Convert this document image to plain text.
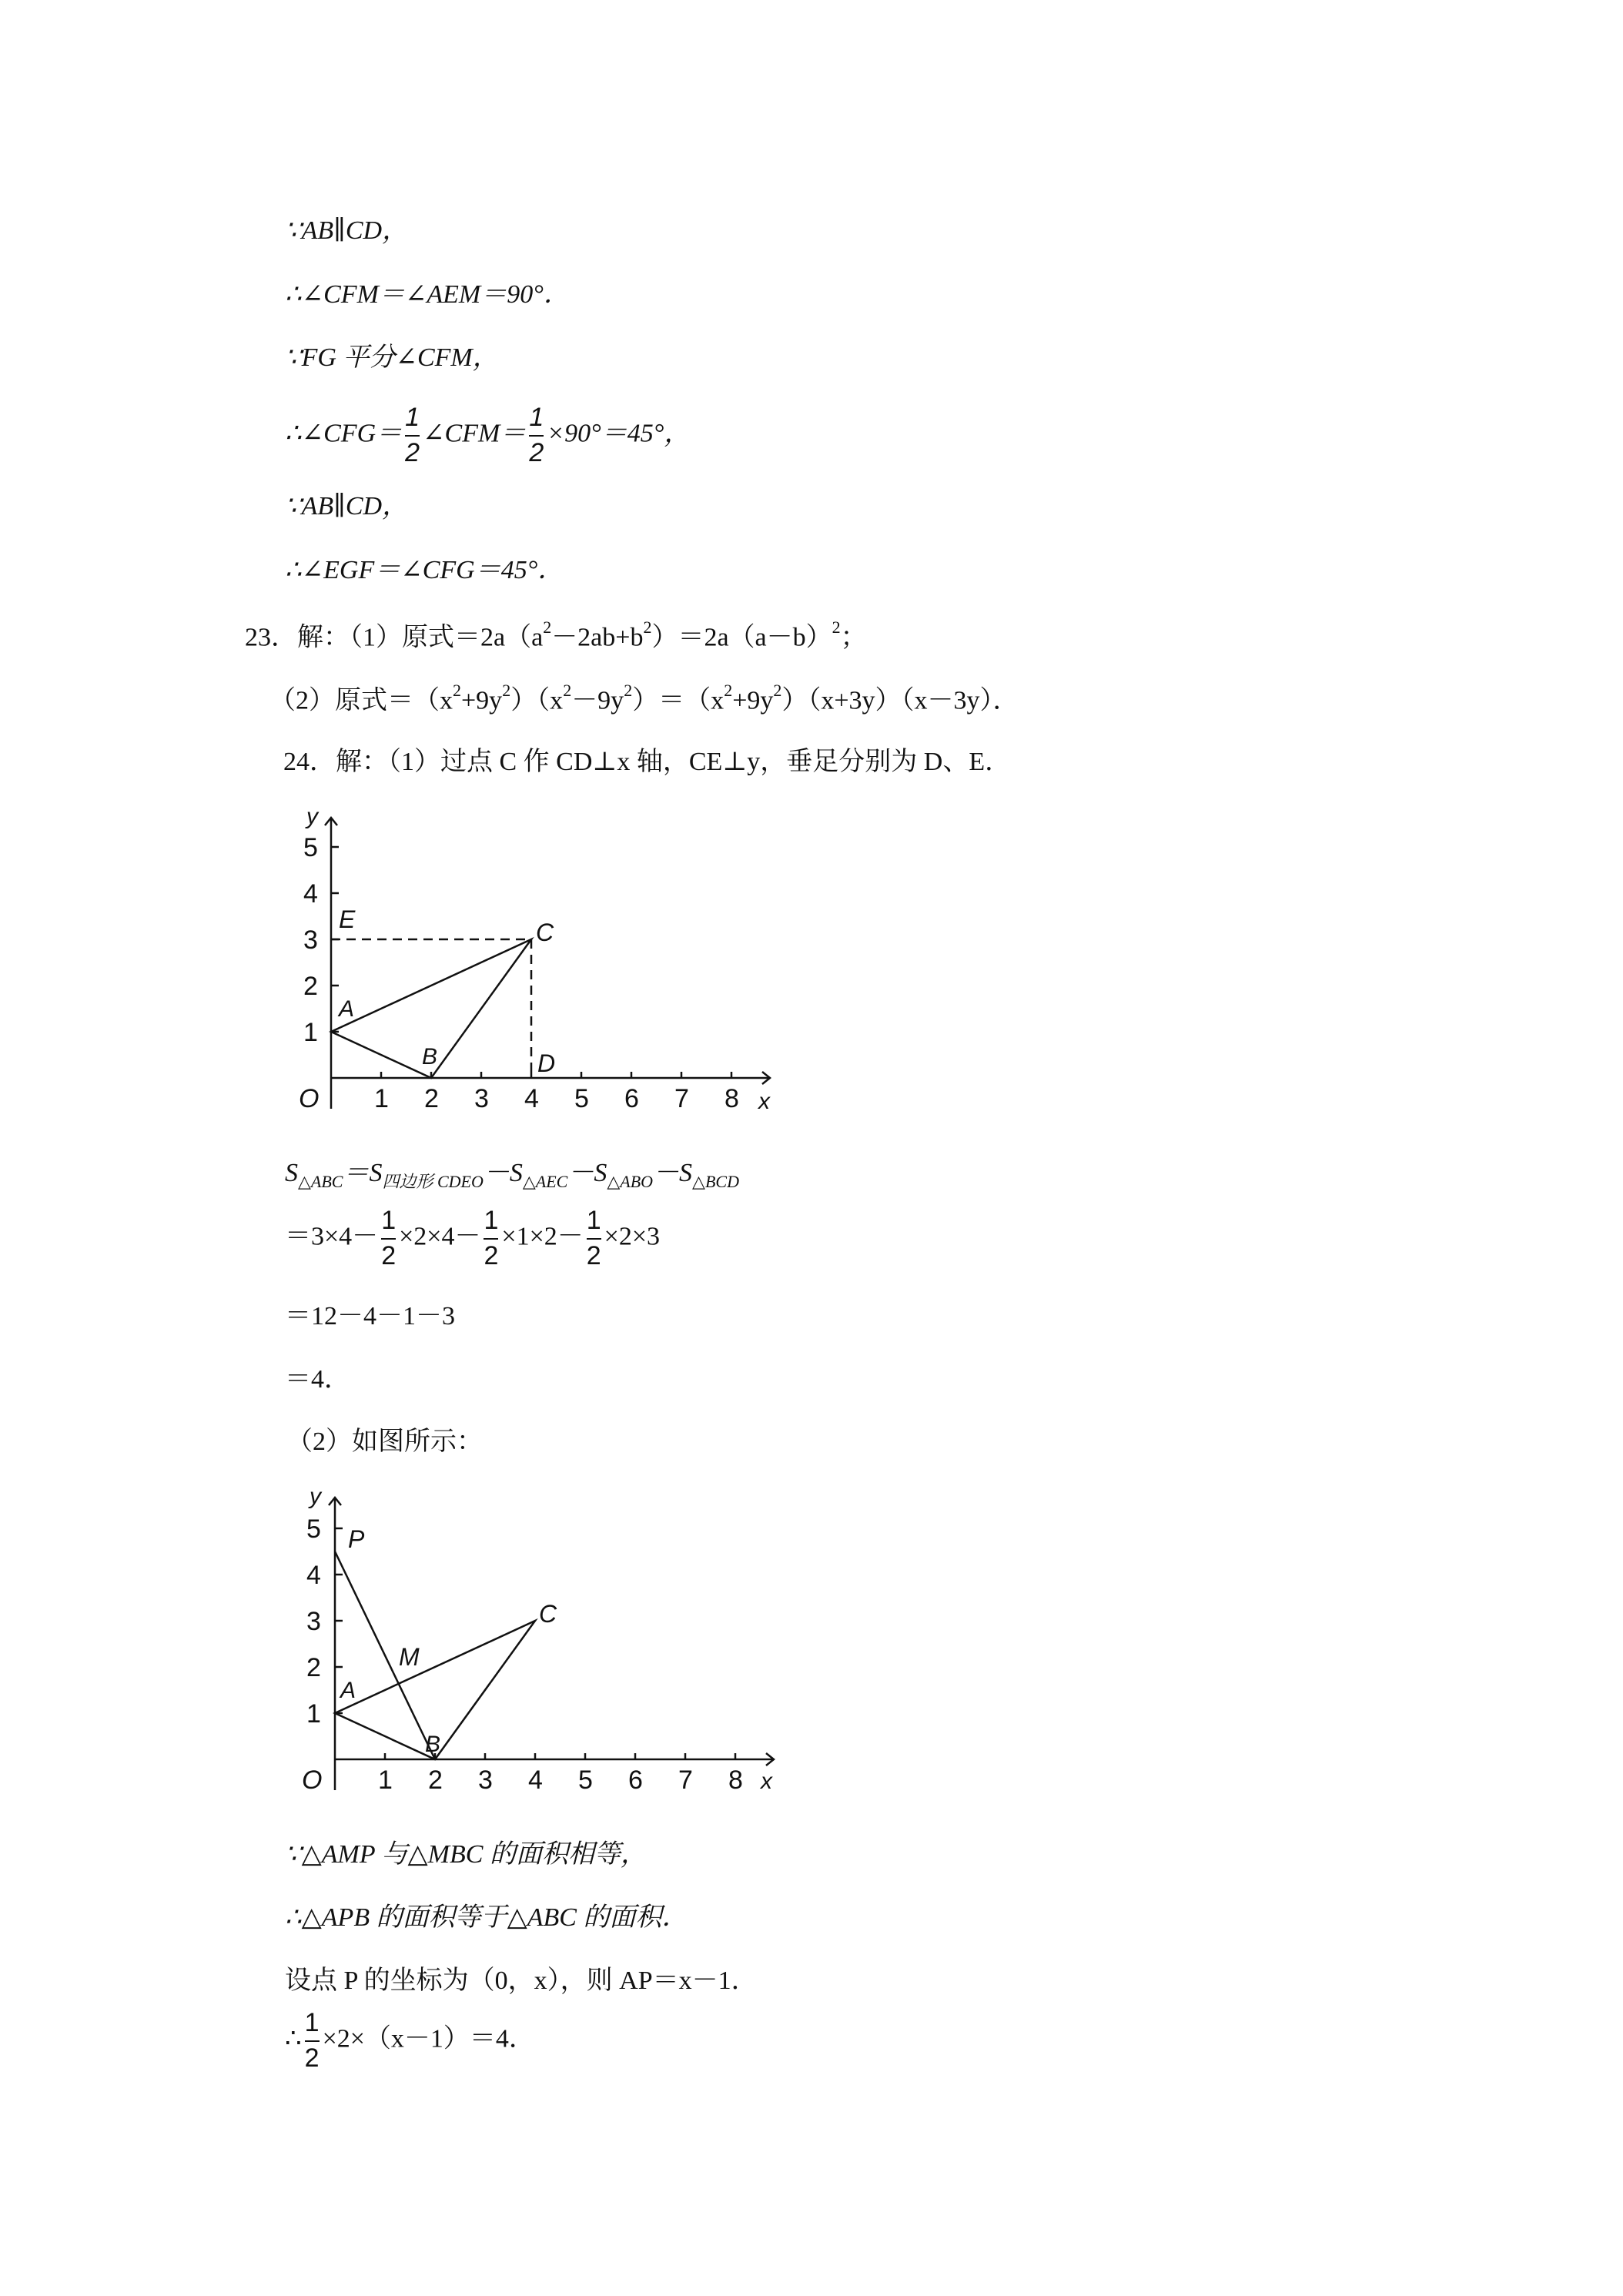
∵AB∥CD，
∴∠CFM＝∠AEM＝90°．
∵FG 平分∠CFM，
∴∠CFG＝ $\frac{1}{2}$ ∠CFM＝ $\frac{1}{2} \times 90^\circ=45^\circ$，
∵AB∥CD，
∴∠EGF＝∠CFG＝45°．
23．解：（1）原式$=2a(a^2-2ab+b^2)=2a(a-b)^2$；
（2）原式$=(x^2+9y^2)(x^2-9y^2)=(x^2+9y^2)(x+3y)(x-3y)$．
24．解：（1）过点 C 作 CD⊥x 轴，CE⊥y，垂足分别为 D、E．
1 2 3 4 5 6 7 8
1
2
3
4
5
O	x
y
A
B
C
D
E
$S_{\triangle ABC}=S_{四边形 CDEO}-S_{\triangle AEC}-S_{\triangle ABO}-S_{\triangle BCD}$
$=3\times 4- \frac{1}{2} \times 2\times 4- \frac{1}{2} \times 1\times 2- \frac{1}{2} \times 2\times 3$
＝12－4－1－3
＝4．
（2）如图所示：
1 2 3 4 5 6 7 8
1
2
3
4
5
O	x
y
P
M
A
B
C
∵△AMP 与△MBC 的面积相等，
∴△APB 的面积等于△ABC 的面积．
设点 P 的坐标为（0，x），则 AP＝x－1．
∴ $\frac{1}{2} \times 2\times(x-1)=4$．
